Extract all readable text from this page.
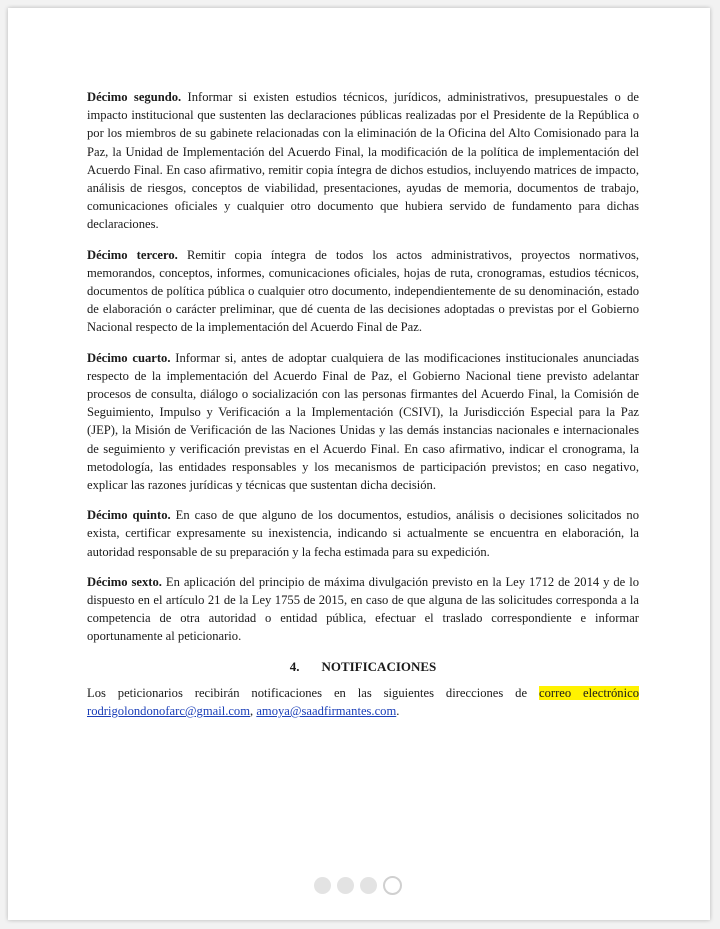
Décimo segundo. Informar si existen estudios técnicos, jurídicos, administrativos, presupuestales o de impacto institucional que sustenten las declaraciones públicas realizadas por el Presidente de la República o por los miembros de su gabinete relacionadas con la eliminación de la Oficina del Alto Comisionado para la Paz, la Unidad de Implementación del Acuerdo Final, la modificación de la política de implementación del Acuerdo Final. En caso afirmativo, remitir copia íntegra de dichos estudios, incluyendo matrices de impacto, análisis de riesgos, conceptos de viabilidad, presentaciones, ayudas de memoria, documentos de trabajo, comunicaciones oficiales y cualquier otro documento que hubiera servido de fundamento para dichas declaraciones.

Décimo tercero. Remitir copia íntegra de todos los actos administrativos, proyectos normativos, memorandos, conceptos, informes, comunicaciones oficiales, hojas de ruta, cronogramas, estudios técnicos, documentos de política pública o cualquier otro documento, independientemente de su denominación, estado de elaboración o carácter preliminar, que dé cuenta de las decisiones adoptadas o previstas por el Gobierno Nacional respecto de la implementación del Acuerdo Final de Paz.

Décimo cuarto. Informar si, antes de adoptar cualquiera de las modificaciones institucionales anunciadas respecto de la implementación del Acuerdo Final de Paz, el Gobierno Nacional tiene previsto adelantar procesos de consulta, diálogo o socialización con las personas firmantes del Acuerdo Final, la Comisión de Seguimiento, Impulso y Verificación a la Implementación (CSIVI), la Jurisdicción Especial para la Paz (JEP), la Misión de Verificación de las Naciones Unidas y las demás instancias nacionales e internacionales de seguimiento y verificación previstas en el Acuerdo Final. En caso afirmativo, indicar el cronograma, la metodología, las entidades responsables y los mecanismos de participación previstos; en caso negativo, explicar las razones jurídicas y técnicas que sustentan dicha decisión.

Décimo quinto. En caso de que alguno de los documentos, estudios, análisis o decisiones solicitados no exista, certificar expresamente su inexistencia, indicando si actualmente se encuentra en elaboración, la autoridad responsable de su preparación y la fecha estimada para su expedición.

Décimo sexto. En aplicación del principio de máxima divulgación previsto en la Ley 1712 de 2014 y de lo dispuesto en el artículo 21 de la Ley 1755 de 2015, en caso de que alguna de las solicitudes corresponda a la competencia de otra autoridad o entidad pública, efectuar el traslado correspondiente e informar oportunamente al peticionario.

4. NOTIFICACIONES

Los peticionarios recibirán notificaciones en las siguientes direcciones de correo electrónico rodrigolondonofarc@gmail.com, amoya@saadfirmantes.com.
